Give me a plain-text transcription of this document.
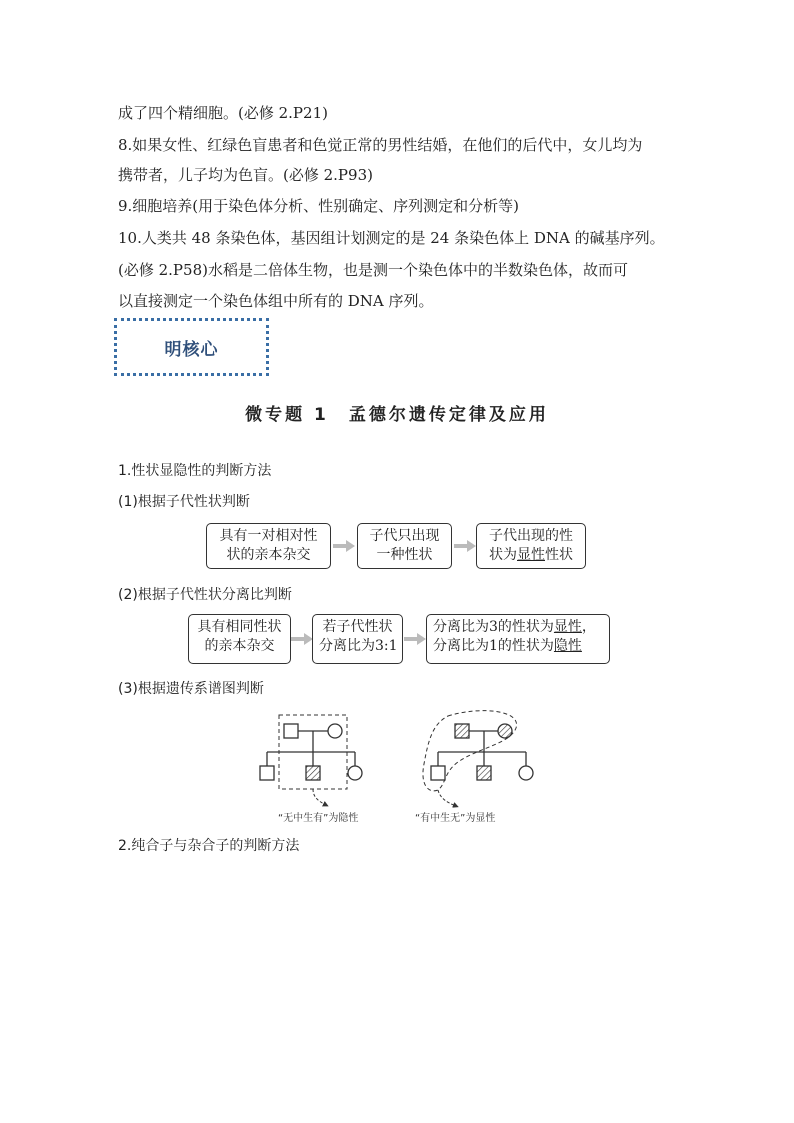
成了四个精细胞。(必修 2.P21)
8.如果女性、红绿色盲患者和色觉正常的男性结婚，在他们的后代中，女儿均为
携带者，儿子均为色盲。(必修 2.P93)
9.细胞培养(用于染色体分析、性别确定、序列测定和分析等)
10.人类共 48 条染色体，基因组计划测定的是 24 条染色体上 DNA 的碱基序列。
(必修 2.P58)水稻是二倍体生物，也是测一个染色体中的半数染色体，故而可
以直接测定一个染色体组中所有的 DNA 序列。
明核心
微专题 1　孟德尔遗传定律及应用
1.性状显隐性的判断方法
(1)根据子代性状判断
具有一对相对性
状的亲本杂交
子代只出现
一种性状
子代出现的性
状为显性性状
(2)根据子代性状分离比判断
具有相同性状
的亲本杂交
若子代性状
分离比为3:1
分离比为3的性状为显性，
分离比为1的性状为隐性
(3)根据遗传系谱图判断
“无中生有”为隐性	“有中生无”为显性
2.纯合子与杂合子的判断方法
